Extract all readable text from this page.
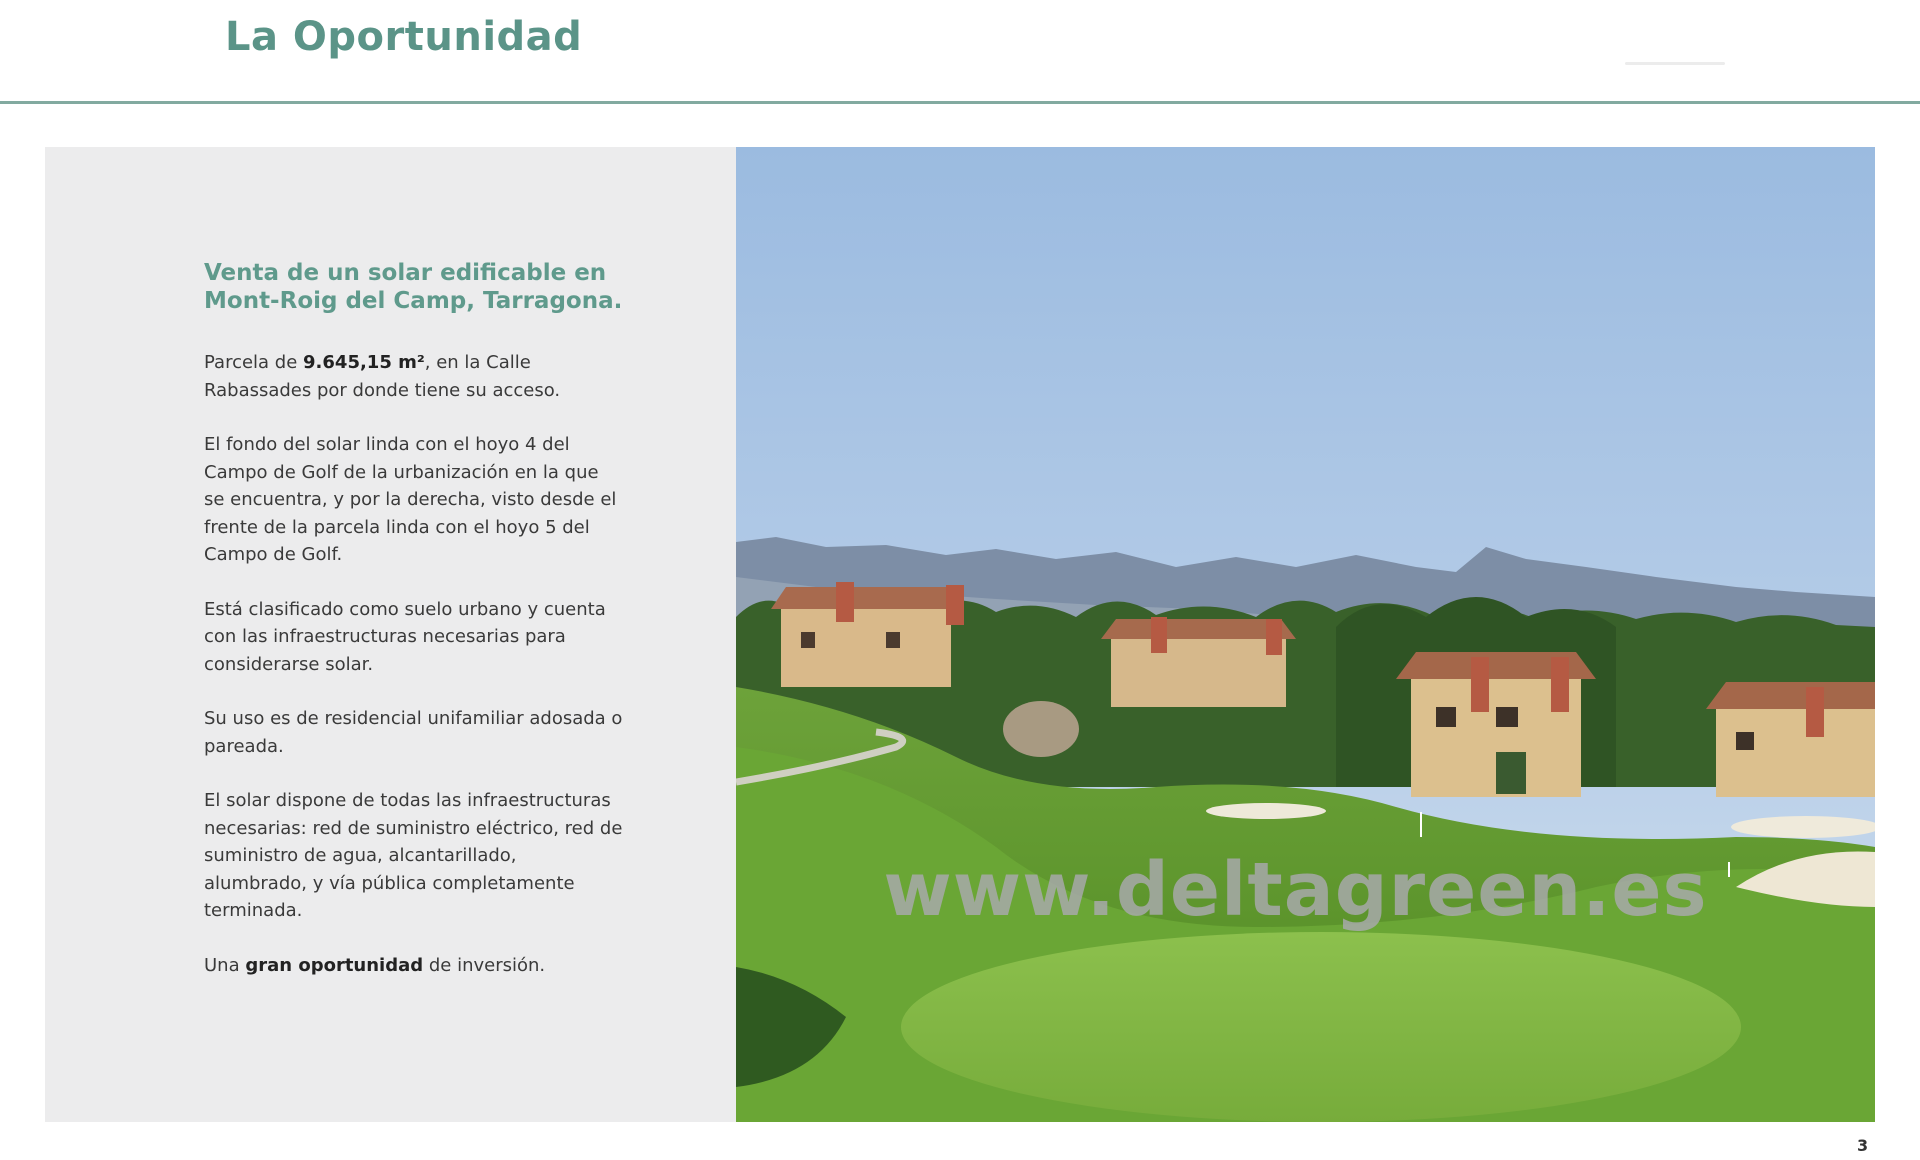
La Oportunidad
Venta de un solar edificable en Mont-Roig del Camp, Tarragona.

Parcela de 9.645,15 m², en la Calle Rabassades por donde tiene su acceso.

El fondo del solar linda con el hoyo 4 del Campo de Golf de la urbanización en la que se encuentra, y por la derecha, visto desde el frente de la parcela linda con el hoyo 5 del Campo de Golf.

Está clasificado como suelo urbano y cuenta con las infraestructuras necesarias para considerarse solar.

Su uso es de residencial unifamiliar adosada o pareada.

El solar dispone de todas las infraestructuras necesarias: red de suministro eléctrico, red de suministro de agua, alcantarillado, alumbrado, y vía pública completamente terminada.

Una gran oportunidad de inversión.

www.deltagreen.es
3
